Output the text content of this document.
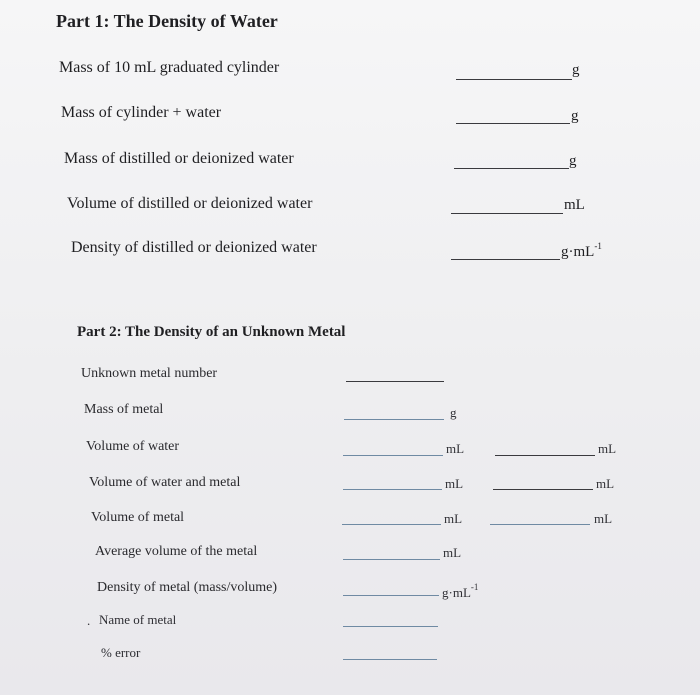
Part 1: The Density of Water
Mass of 10 mL graduated cylinder	g
Mass of cylinder + water	g
Mass of distilled or deionized water	g
Volume of distilled or deionized water	mL
Density of distilled or deionized water	$g\cdot mL^{-1}$
Part 2: The Density of an Unknown Metal
Unknown metal number
Mass of metal	g
Volume of water	mL	mL
Volume of water and metal	mL	mL
Volume of metal	mL	mL
Average volume of the metal	mL
Density of metal (mass/volume)	$g\cdot mL^{-1}$
. Name of metal
% error
